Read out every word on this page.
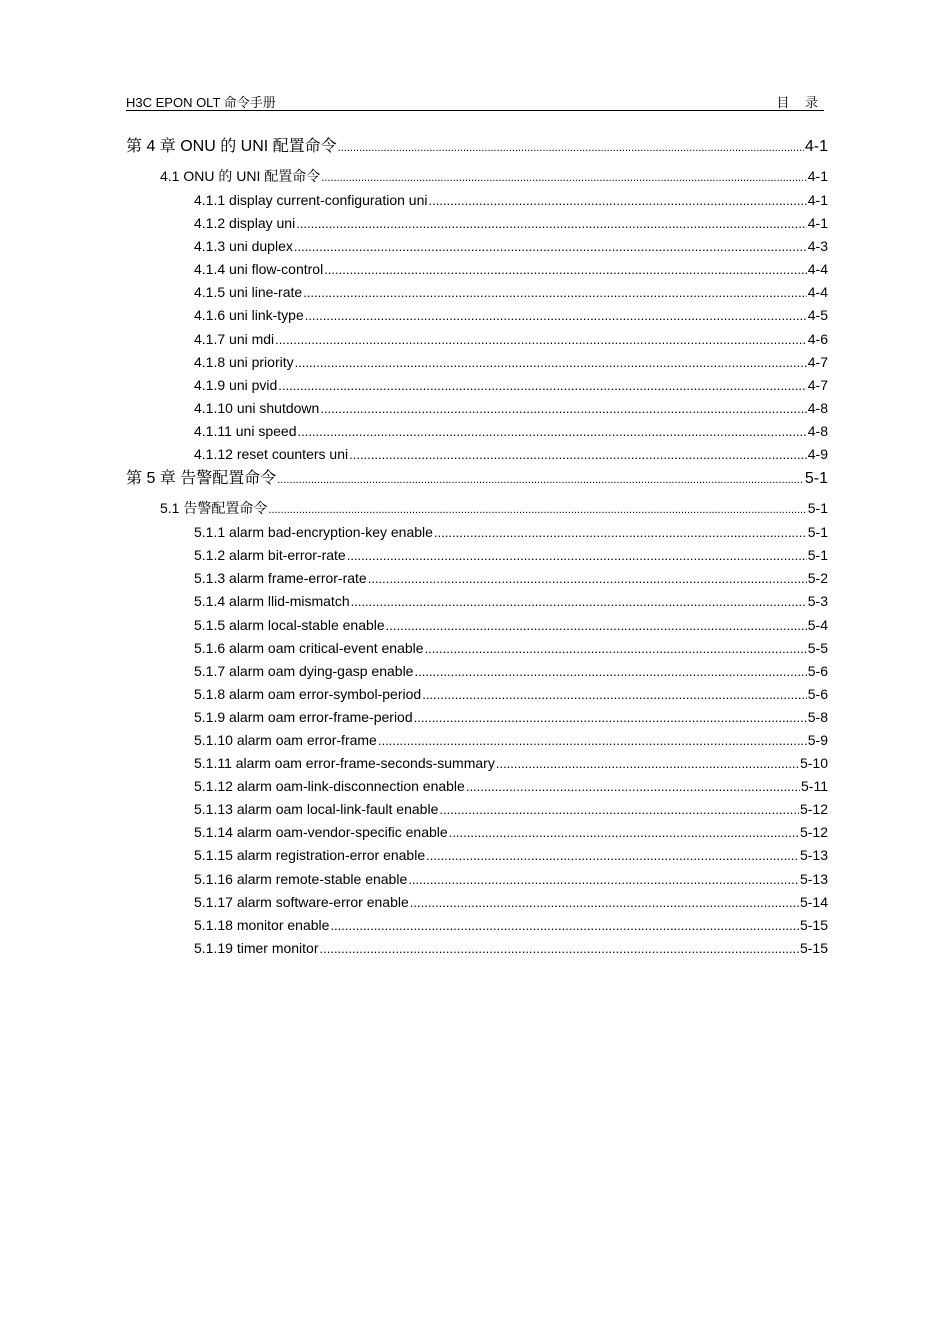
H3C EPON OLT 命令手册	目 录
第 4 章 ONU 的 UNI 配置命令 .....	4-1
4.1 ONU 的 UNI 配置命令 .....	4-1
4.1.1 display current-configuration uni .....	4-1
4.1.2 display uni .....	4-1
4.1.3 uni duplex .....	4-3
4.1.4 uni flow-control .....	4-4
4.1.5 uni line-rate .....	4-4
4.1.6 uni link-type .....	4-5
4.1.7 uni mdi .....	4-6
4.1.8 uni priority .....	4-7
4.1.9 uni pvid .....	4-7
4.1.10 uni shutdown .....	4-8
4.1.11 uni speed .....	4-8
4.1.12 reset counters uni .....	4-9
第 5 章 告警配置命令 .....	5-1
5.1 告警配置命令 .....	5-1
5.1.1 alarm bad-encryption-key enable .....	5-1
5.1.2 alarm bit-error-rate .....	5-1
5.1.3 alarm frame-error-rate .....	5-2
5.1.4 alarm llid-mismatch .....	5-3
5.1.5 alarm local-stable enable .....	5-4
5.1.6 alarm oam critical-event enable .....	5-5
5.1.7 alarm oam dying-gasp enable .....	5-6
5.1.8 alarm oam error-symbol-period .....	5-6
5.1.9 alarm oam error-frame-period .....	5-8
5.1.10 alarm oam error-frame .....	5-9
5.1.11 alarm oam error-frame-seconds-summary .....	5-10
5.1.12 alarm oam-link-disconnection enable .....	5-11
5.1.13 alarm oam local-link-fault enable .....	5-12
5.1.14 alarm oam-vendor-specific enable .....	5-12
5.1.15 alarm registration-error enable .....	5-13
5.1.16 alarm remote-stable enable .....	5-13
5.1.17 alarm software-error enable .....	5-14
5.1.18 monitor enable .....	5-15
5.1.19 timer monitor .....	5-15
